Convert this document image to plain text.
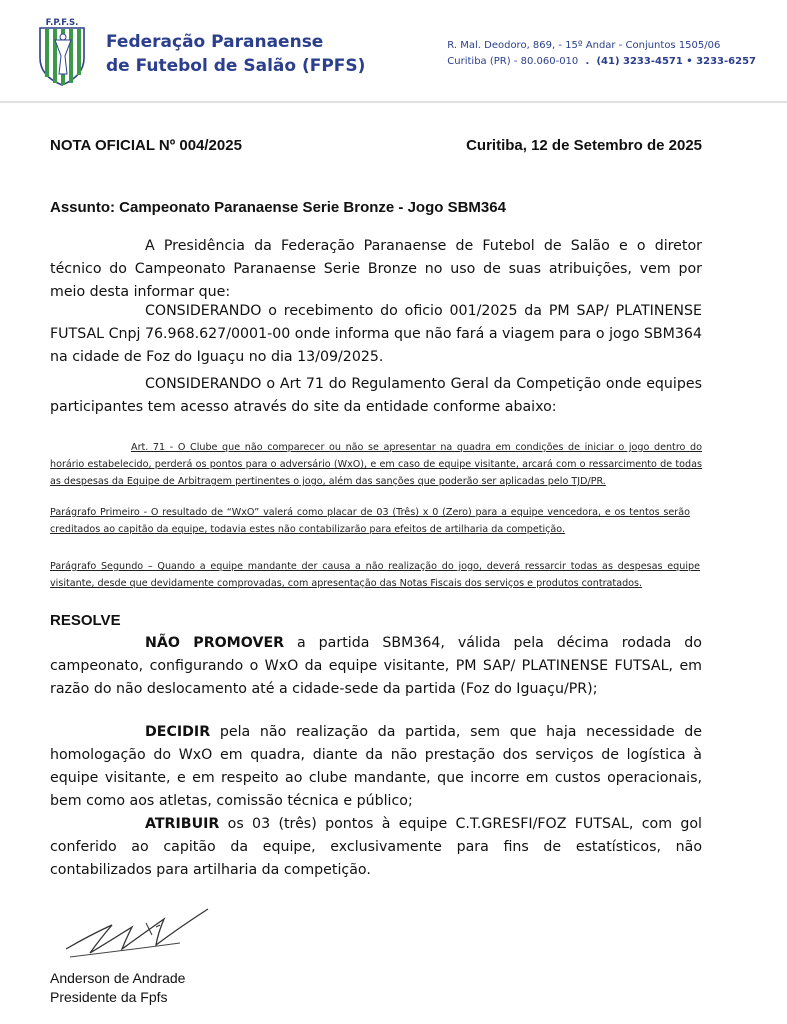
F.P.F.S.
Federação Paranaense
de Futebol de Salão (FPFS)
R. Mal. Deodoro, 869, - 15º Andar - Conjuntos 1505/06
Curitiba (PR) - 80.060-010 . (41) 3233-4571 • 3233-6257
NOTA OFICIAL Nº 004/2025	Curitiba, 12 de Setembro de 2025
Assunto: Campeonato Paranaense Serie Bronze - Jogo SBM364
A Presidência da Federação Paranaense de Futebol de Salão e o diretor técnico do Campeonato Paranaense Serie Bronze no uso de suas atribuições, vem por meio desta informar que:
CONSIDERANDO o recebimento do oficio 001/2025 da PM SAP/ PLATINENSE FUTSAL Cnpj 76.968.627/0001-00 onde informa que não fará a viagem para o jogo SBM364 na cidade de Foz do Iguaçu no dia 13/09/2025.
CONSIDERANDO o Art 71 do Regulamento Geral da Competição onde equipes participantes tem acesso através do site da entidade conforme abaixo:
Art. 71 - O Clube que não comparecer ou não se apresentar na quadra em condições de iniciar o jogo dentro do horário estabelecido, perderá os pontos para o adversário (WxO), e em caso de equipe visitante, arcará com o ressarcimento de todas as despesas da Equipe de Arbitragem pertinentes o jogo, além das sanções que poderão ser aplicadas pelo TJD/PR.
Parágrafo Primeiro - O resultado de “WxO” valerá como placar de 03 (Três) x 0 (Zero) para a equipe vencedora, e os tentos serão creditados ao capitão da equipe, todavia estes não contabilizarão para efeitos de artilharia da competição.
Parágrafo Segundo – Quando a equipe mandante der causa a não realização do jogo, deverá ressarcir todas as despesas equipe visitante, desde que devidamente comprovadas, com apresentação das Notas Fiscais dos serviços e produtos contratados.
RESOLVE
NÃO PROMOVER a partida SBM364, válida pela décima rodada do campeonato, configurando o WxO da equipe visitante, PM SAP/ PLATINENSE FUTSAL, em razão do não deslocamento até a cidade-sede da partida (Foz do Iguaçu/PR);
DECIDIR pela não realização da partida, sem que haja necessidade de homologação do WxO em quadra, diante da não prestação dos serviços de logística à equipe visitante, e em respeito ao clube mandante, que incorre em custos operacionais, bem como aos atletas, comissão técnica e público;
ATRIBUIR os 03 (três) pontos à equipe C.T.GRESFI/FOZ FUTSAL, com gol conferido ao capitão da equipe, exclusivamente para fins de estatísticos, não contabilizados para artilharia da competição.
Anderson de Andrade
Presidente da Fpfs
